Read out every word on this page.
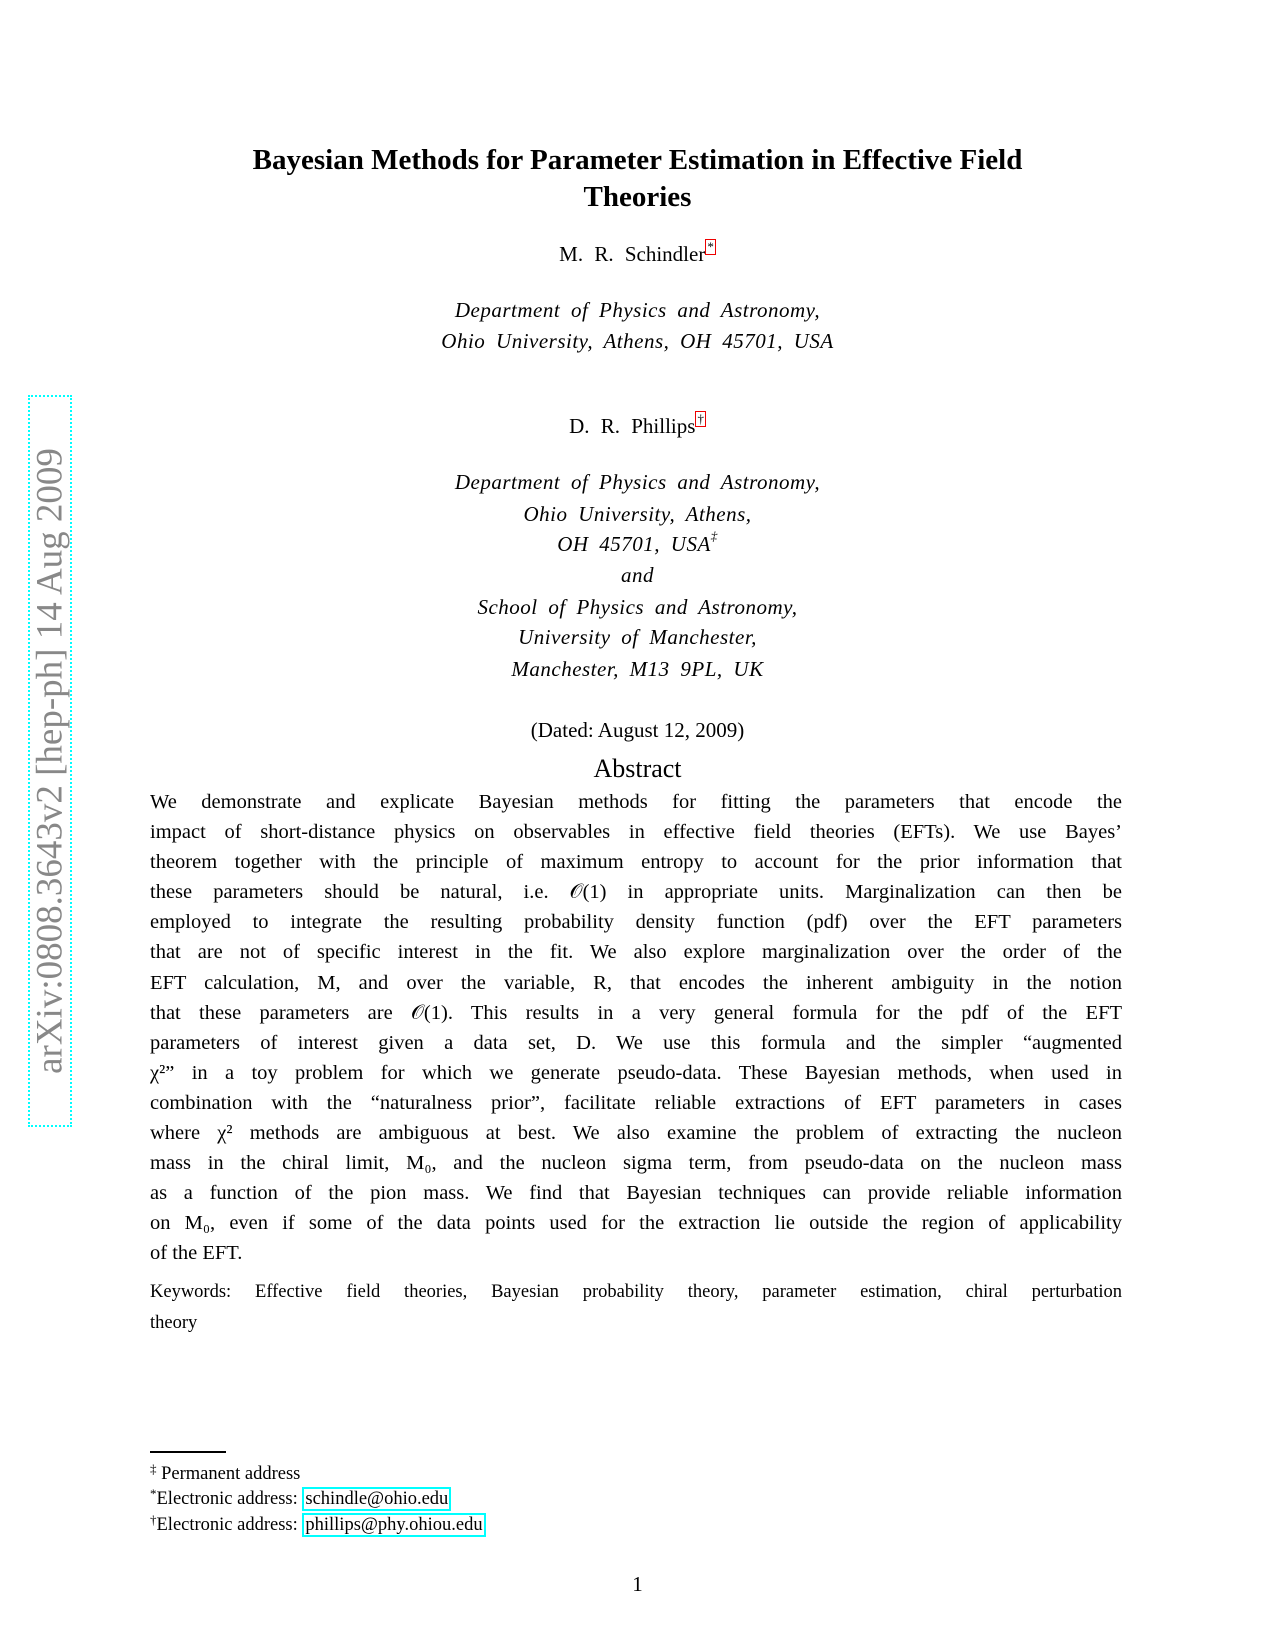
arXiv:0808.3643v2 [hep-ph] 14 Aug 2009
Bayesian Methods for Parameter Estimation in Effective Field
Theories
M. R. Schindler *
Department of Physics and Astronomy,
Ohio University, Athens, OH 45701, USA
D. R. Phillips †
Department of Physics and Astronomy,
Ohio University, Athens,
OH 45701, USA‡
and
School of Physics and Astronomy,
University of Manchester,
Manchester, M13 9PL, UK
(Dated: August 12, 2009)
Abstract
We demonstrate and explicate Bayesian methods for fitting the parameters that encode the
impact of short-distance physics on observables in effective field theories (EFTs). We use Bayes’
theorem together with the principle of maximum entropy to account for the prior information that
these parameters should be natural, i.e. 𝒪(1) in appropriate units. Marginalization can then be
employed to integrate the resulting probability density function (pdf) over the EFT parameters
that are not of specific interest in the fit. We also explore marginalization over the order of the
EFT calculation, M, and over the variable, R, that encodes the inherent ambiguity in the notion
that these parameters are 𝒪(1). This results in a very general formula for the pdf of the EFT
parameters of interest given a data set, D. We use this formula and the simpler “augmented
χ²” in a toy problem for which we generate pseudo-data. These Bayesian methods, when used in
combination with the “naturalness prior”, facilitate reliable extractions of EFT parameters in cases
where χ² methods are ambiguous at best. We also examine the problem of extracting the nucleon
mass in the chiral limit, M₀, and the nucleon sigma term, from pseudo-data on the nucleon mass
as a function of the pion mass. We find that Bayesian techniques can provide reliable information
on M₀, even if some of the data points used for the extraction lie outside the region of applicability
of the EFT.
Keywords: Effective field theories, Bayesian probability theory, parameter estimation, chiral perturbation
theory
‡ Permanent address
*Electronic address: schindle@ohio.edu
†Electronic address: phillips@phy.ohiou.edu
1
